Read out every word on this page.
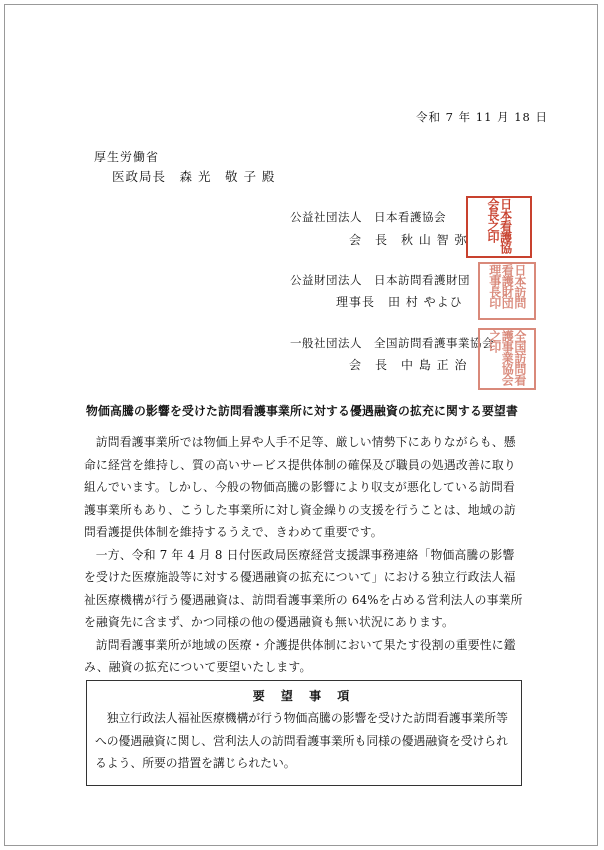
令和 7 年 11 月 18 日
厚生労働省
医政局長　森 光　敬 子 殿
公益社団法人　日本看護協会
会　長　秋 山 智 弥
公益財団法人　日本訪問看護財団
理事長　田 村 やよひ
一般社団法人　全国訪問看護事業協会
会　長　中 島 正 治
日本看護協会長之印
日本訪問看護財団理事長印
全国訪問看護事業協会之印
物価高騰の影響を受けた訪問看護事業所に対する優遇融資の拡充に関する要望書

訪問看護事業所では物価上昇や人手不足等、厳しい情勢下にありながらも、懸命に経営を維持し、質の高いサービス提供体制の確保及び職員の処遇改善に取り組んでいます。しかし、今般の物価高騰の影響により収支が悪化している訪問看護事業所もあり、こうした事業所に対し資金繰りの支援を行うことは、地域の訪問看護提供体制を維持するうえで、きわめて重要です。

一方、令和 7 年 4 月 8 日付医政局医療経営支援課事務連絡「物価高騰の影響を受けた医療施設等に対する優遇融資の拡充について」における独立行政法人福祉医療機構が行う優遇融資は、訪問看護事業所の 64%を占める営利法人の事業所を融資先に含まず、かつ同様の他の優遇融資も無い状況にあります。

訪問看護事業所が地域の医療・介護提供体制において果たす役割の重要性に鑑み、融資の拡充について要望いたします。

要 望 事 項
独立行政法人福祉医療機構が行う物価高騰の影響を受けた訪問看護事業所等への優遇融資に関し、営利法人の訪問看護事業所も同様の優遇融資を受けられるよう、所要の措置を講じられたい。
